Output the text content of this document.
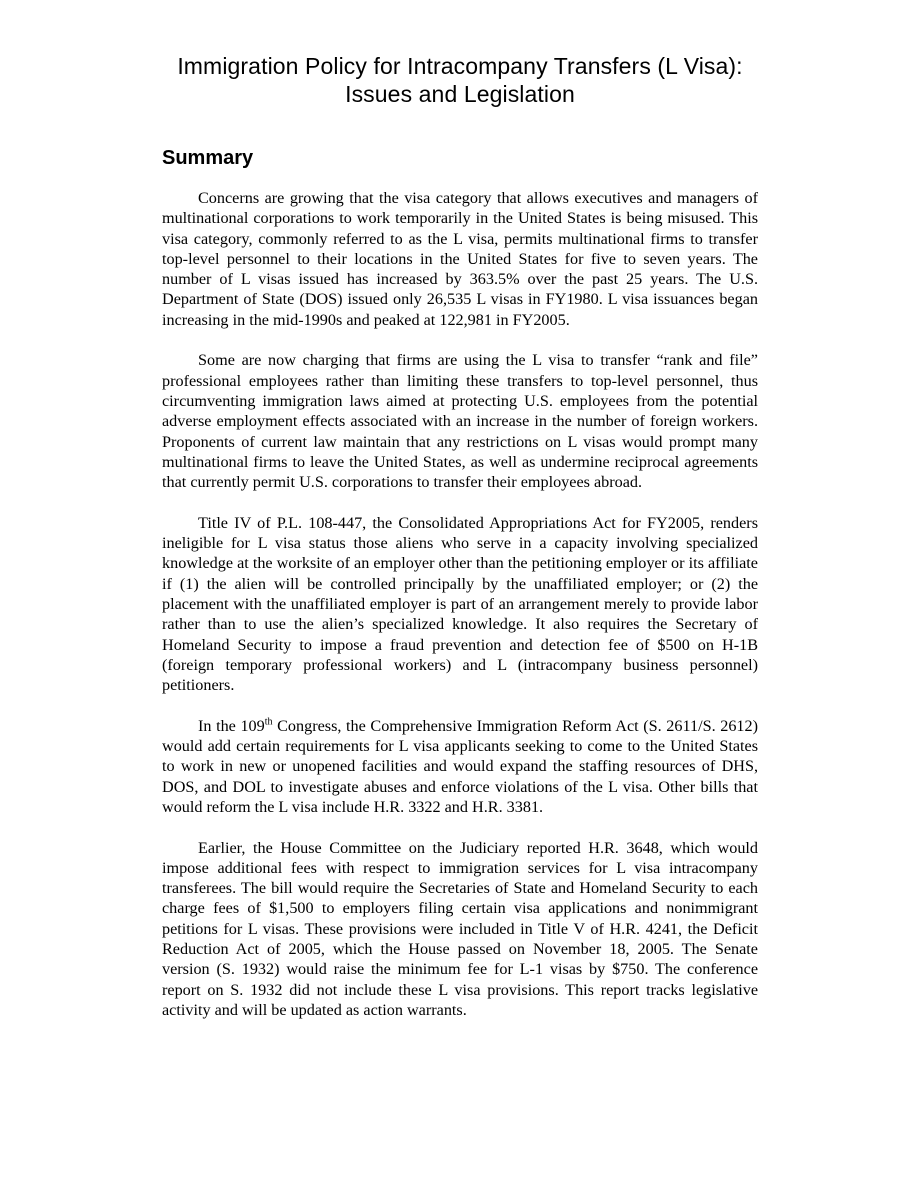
Immigration Policy for Intracompany Transfers (L Visa):
Issues and Legislation
Summary

Concerns are growing that the visa category that allows executives and managers of multinational corporations to work temporarily in the United States is being misused. This visa category, commonly referred to as the L visa, permits multinational firms to transfer top-level personnel to their locations in the United States for five to seven years. The number of L visas issued has increased by 363.5% over the past 25 years. The U.S. Department of State (DOS) issued only 26,535 L visas in FY1980. L visa issuances began increasing in the mid-1990s and peaked at 122,981 in FY2005.

Some are now charging that firms are using the L visa to transfer “rank and file” professional employees rather than limiting these transfers to top-level personnel, thus circumventing immigration laws aimed at protecting U.S. employees from the potential adverse employment effects associated with an increase in the number of foreign workers. Proponents of current law maintain that any restrictions on L visas would prompt many multinational firms to leave the United States, as well as undermine reciprocal agreements that currently permit U.S. corporations to transfer their employees abroad.

Title IV of P.L. 108-447, the Consolidated Appropriations Act for FY2005, renders ineligible for L visa status those aliens who serve in a capacity involving specialized knowledge at the worksite of an employer other than the petitioning employer or its affiliate if (1) the alien will be controlled principally by the unaffiliated employer; or (2) the placement with the unaffiliated employer is part of an arrangement merely to provide labor rather than to use the alien’s specialized knowledge. It also requires the Secretary of Homeland Security to impose a fraud prevention and detection fee of $500 on H-1B (foreign temporary professional workers) and L (intracompany business personnel) petitioners.

In the 109th Congress, the Comprehensive Immigration Reform Act (S. 2611/S. 2612) would add certain requirements for L visa applicants seeking to come to the United States to work in new or unopened facilities and would expand the staffing resources of DHS, DOS, and DOL to investigate abuses and enforce violations of the L visa. Other bills that would reform the L visa include H.R. 3322 and H.R. 3381.

Earlier, the House Committee on the Judiciary reported H.R. 3648, which would impose additional fees with respect to immigration services for L visa intracompany transferees. The bill would require the Secretaries of State and Homeland Security to each charge fees of $1,500 to employers filing certain visa applications and nonimmigrant petitions for L visas. These provisions were included in Title V of H.R. 4241, the Deficit Reduction Act of 2005, which the House passed on November 18, 2005. The Senate version (S. 1932) would raise the minimum fee for L-1 visas by $750. The conference report on S. 1932 did not include these L visa provisions. This report tracks legislative activity and will be updated as action warrants.
